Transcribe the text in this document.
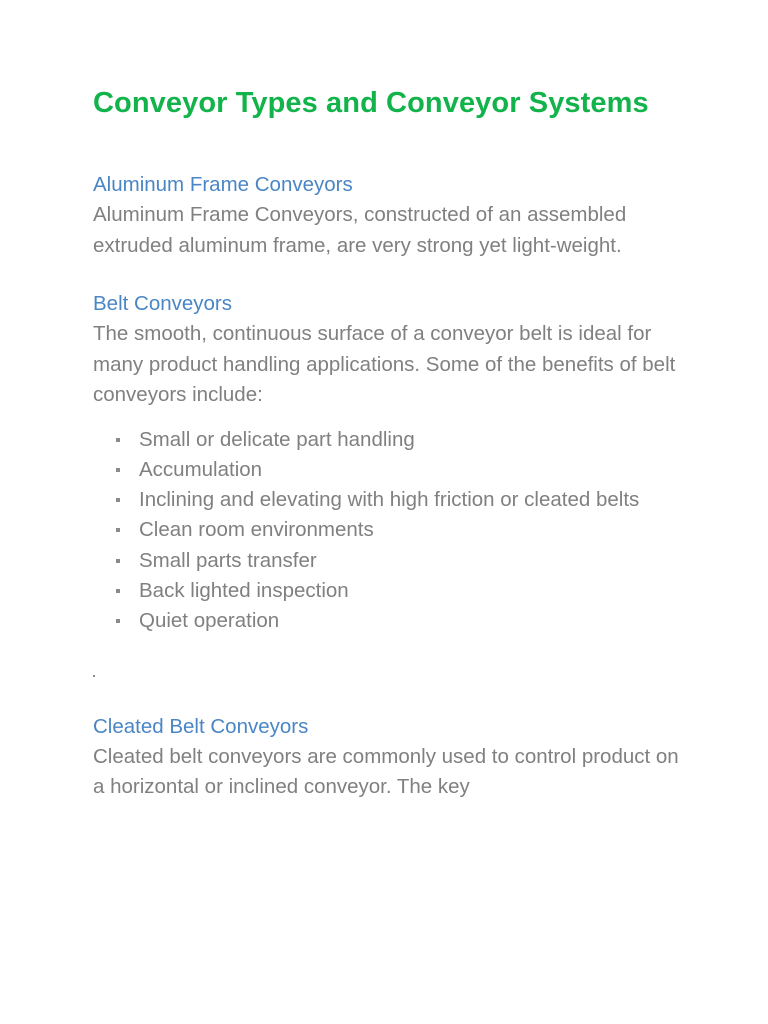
Conveyor Types and Conveyor Systems

Aluminum Frame Conveyors

Aluminum Frame Conveyors, constructed of an assembled extruded aluminum frame, are very strong yet light-weight.

Belt Conveyors

The smooth, continuous surface of a conveyor belt is ideal for many product handling applications. Some of the benefits of belt conveyors include:

Small or delicate part handling
Accumulation
Inclining and elevating with high friction or cleated belts
Clean room environments
Small parts transfer
Back lighted inspection
Quiet operation

Cleated Belt Conveyors

Cleated belt conveyors are commonly used to control product on a horizontal or inclined conveyor. The key
